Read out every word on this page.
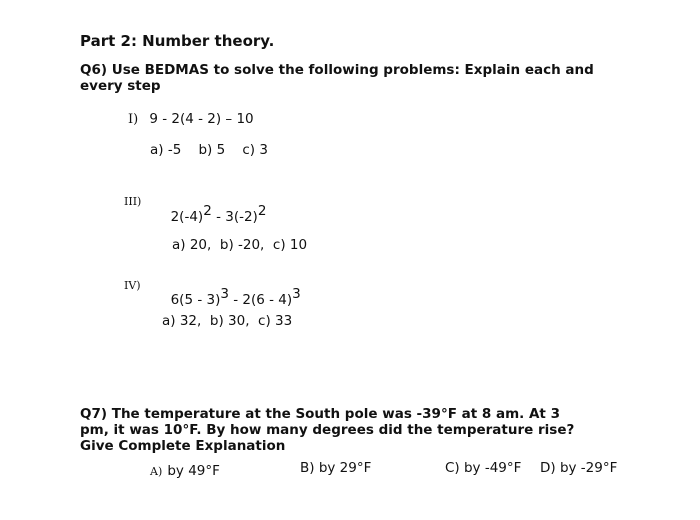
Part 2: Number theory.
Q6) Use BEDMAS to solve the following problems: Explain each and
every step
I) 9 - 2(4 - 2) – 10
a) -5    b) 5    c) 3
III)

2(-4)2 - 3(-2)2

a) 20,  b) -20,  c) 10
IV)

6(5 - 3)3 - 2(6 - 4)3

a) 32,  b) 30,  c) 33
Q7) The temperature at the South pole was -39°F at 8 am. At 3
pm, it was 10°F. By how many degrees did the temperature rise?
Give Complete Explanation
A) by 49°F	B) by 29°F	C) by -49°F D) by -29°F
